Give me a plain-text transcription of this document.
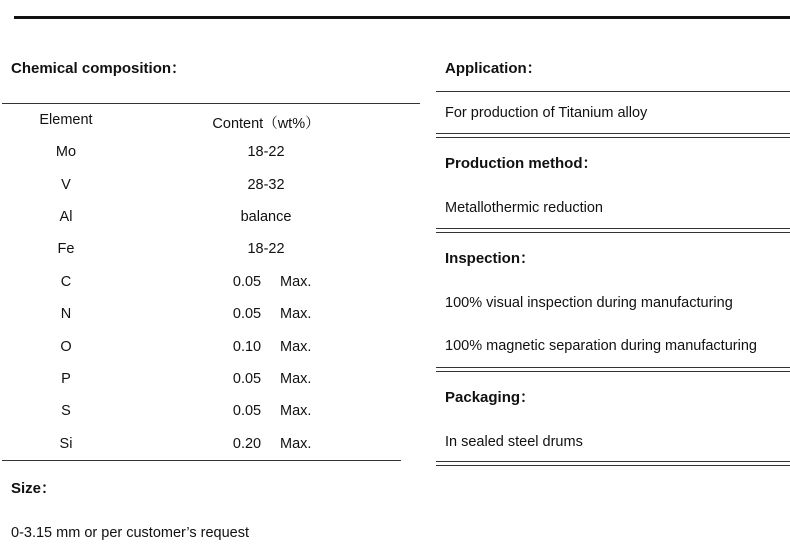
Chemical composition：
Element	Content（wt%）
Mo	18-22
V	28-32
Al	balance
Fe	18-22
C	0.05	Max.
N	0.05	Max.
O	0.10	Max.
P	0.05	Max.
S	0.05	Max.
Si	0.20	Max.
Size：
0-3.15 mm or per customer’s request
Application：
For production of Titanium alloy
Production method：
Metallothermic reduction
Inspection：
100% visual inspection during manufacturing
100% magnetic separation during manufacturing
Packaging：
In sealed steel drums
